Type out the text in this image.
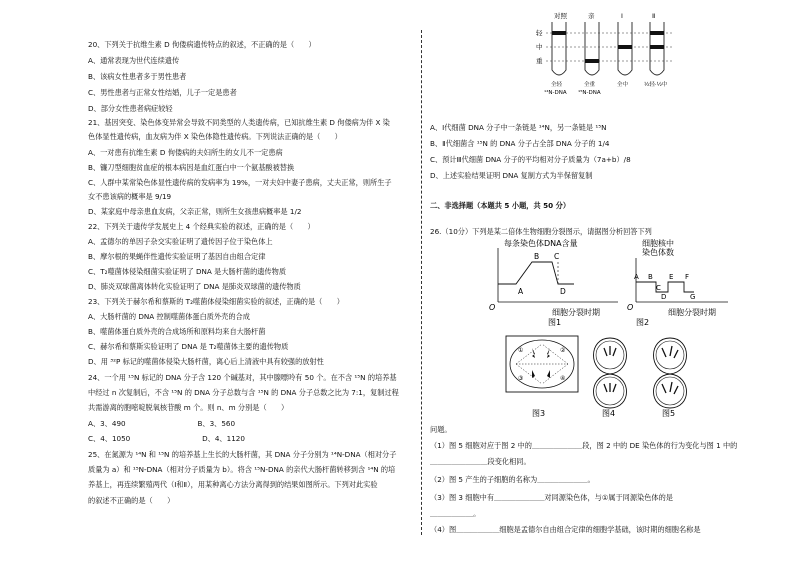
20、下列关于抗维生素 D 佝偻病遗传特点的叙述，不正确的是（　　）
A、通常表现为世代连续遗传
B、该病女性患者多于男性患者
C、男性患者与正常女性结婚，儿子一定是患者
D、部分女性患者病症较轻
21、基因突变、染色体变异常会导致不同类型的人类遗传病，已知抗维生素 D 佝偻病为伴 X 染
色体显性遗传病，血友病为伴 X 染色体隐性遗传病。下列说法正确的是（　　）
A、一对患有抗维生素 D 佝偻病的夫妇所生的女儿不一定患病
B、镰刀型细胞贫血症的根本病因是血红蛋白中一个氨基酸被替换
C、人群中某常染色体显性遗传病的发病率为 19%，一对夫妇中妻子患病，丈夫正常，则所生子
女不患该病的概率是 9/19
D、某家庭中母亲患血友病，父亲正常，则所生女孩患病概率是 1/2
22、下列关于遗传学发展史上 4 个经典实验的叙述，正确的是（　　）
A、孟德尔的单因子杂交实验证明了遗传因子位于染色体上
B、摩尔根的果蝇伴性遗传实验证明了基因自由组合定律
C、T₂噬菌体侵染细菌实验证明了 DNA 是大肠杆菌的遗传物质
D、肺炎双球菌离体转化实验证明了 DNA 是肺炎双球菌的遗传物质
23、下列关于赫尔希和蔡斯的 T₂噬菌体侵染细菌实验的叙述，正确的是（　　）
A、大肠杆菌的 DNA 控制噬菌体蛋白质外壳的合成
B、噬菌体蛋白质外壳的合成场所和原料均来自大肠杆菌
C、赫尔希和蔡斯实验证明了 DNA 是 T₂噬菌体主要的遗传物质
D、用 ³²P 标记的噬菌体侵染大肠杆菌，离心后上清液中具有较强的放射性
24、一个用 ¹⁵N 标记的 DNA 分子含 120 个碱基对，其中腺嘌呤有 50 个。在不含 ¹⁵N 的培养基
中经过 n 次复制后，不含 ¹⁵N 的 DNA 分子总数与含 ¹⁵N 的 DNA 分子总数之比为 7:1，复制过程
共需游离的胞嘧啶脱氧核苷酸 m 个。则 n、m 分别是（　　）
A、3、490　　　　　　　　　　B、3、560
C、4、1050　　　　　　　　　　D、4、1120
25、在氮源为 ¹⁴N 和 ¹⁵N 的培养基上生长的大肠杆菌，其 DNA 分子分别为 ¹⁴N-DNA（相对分子
质量为 a）和 ¹⁵N-DNA（相对分子质量为 b）。将含 ¹⁵N-DNA 的亲代大肠杆菌转移到含 ¹⁴N 的培
养基上，再连续繁殖两代（Ⅰ和Ⅱ），用某种离心方法分离得到的结果如图所示。下列对此实验
的叙述不正确的是（　　）
对照	亲	Ⅰ	Ⅱ
轻
中
重
全轻
¹⁴N-DNA
全重
¹⁵N-DNA
全中	½轻·½中
每条染色体DNA含量
A
B C
D
O
细胞分裂时期
图1
细胞核中
染色体数
A B
C
D
E F
G
O
细胞分裂时期
图2
①	②
③	④
图3	图4	图5
二、非选择题（本题共 5 小题，共 50 分）
A、Ⅰ代细菌 DNA 分子中一条链是 ¹⁴N，另一条链是 ¹⁵N
B、Ⅱ代细菌含 ¹⁵N 的 DNA 分子占全部 DNA 分子的 1/4
C、预计Ⅲ代细菌 DNA 分子的平均相对分子质量为（7a+b）/8
D、上述实验结果证明 DNA 复制方式为半保留复制
26.（10分）下列是某二倍体生物细胞分裂图示，请据图分析回答下列
问题。
（1）图 5 细胞对应于图 2 中的＿＿＿＿＿＿＿段，图 2 中的 DE 染色体的行为变化与图 1 中的
＿＿＿＿＿＿＿＿段变化相同。
（2）图 5 产生的子细胞的名称为＿＿＿＿＿＿＿。
（3）图 3 细胞中有＿＿＿＿＿＿＿对同源染色体，与①属于同源染色体的是
＿＿＿＿＿＿。
（4）图＿＿＿＿＿＿细胞是孟德尔自由组合定律的细胞学基础，该时期的细胞名称是
